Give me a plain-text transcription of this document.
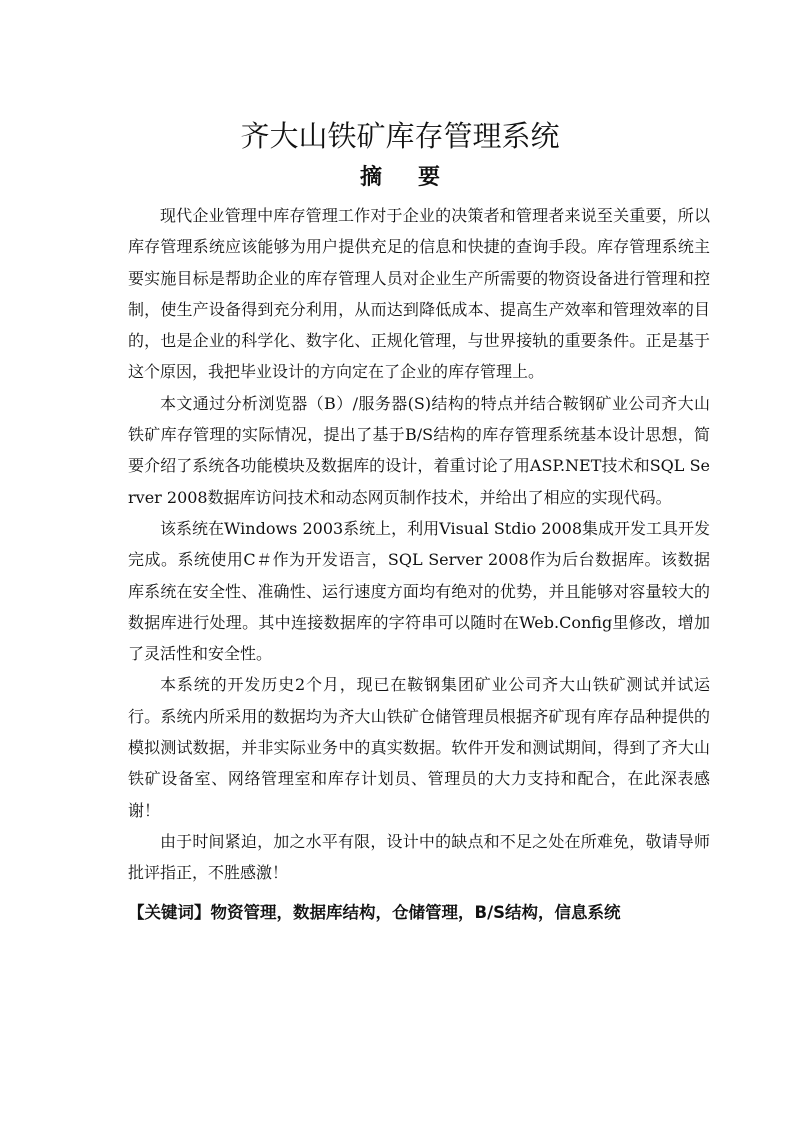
齐大山铁矿库存管理系统
摘要

现代企业管理中库存管理工作对于企业的决策者和管理者来说至关重要，所以库存管理系统应该能够为用户提供充足的信息和快捷的查询手段。库存管理系统主要实施目标是帮助企业的库存管理人员对企业生产所需要的物资设备进行管理和控制，使生产设备得到充分利用，从而达到降低成本、提高生产效率和管理效率的目的，也是企业的科学化、数字化、正规化管理，与世界接轨的重要条件。正是基于这个原因，我把毕业设计的方向定在了企业的库存管理上。

本文通过分析浏览器（B）/服务器(S)结构的特点并结合鞍钢矿业公司齐大山铁矿库存管理的实际情况，提出了基于B/S结构的库存管理系统基本设计思想，简要介绍了系统各功能模块及数据库的设计，着重讨论了用ASP.NET技术和SQL Server 2008数据库访问技术和动态网页制作技术，并给出了相应的实现代码。

该系统在Windows 2003系统上，利用Visual Stdio 2008集成开发工具开发完成。系统使用C＃作为开发语言，SQL Server 2008作为后台数据库。该数据库系统在安全性、准确性、运行速度方面均有绝对的优势，并且能够对容量较大的数据库进行处理。其中连接数据库的字符串可以随时在Web.Config里修改，增加了灵活性和安全性。

本系统的开发历史2个月，现已在鞍钢集团矿业公司齐大山铁矿测试并试运行。系统内所采用的数据均为齐大山铁矿仓储管理员根据齐矿现有库存品种提供的模拟测试数据，并非实际业务中的真实数据。软件开发和测试期间，得到了齐大山铁矿设备室、网络管理室和库存计划员、管理员的大力支持和配合，在此深表感谢！

由于时间紧迫，加之水平有限，设计中的缺点和不足之处在所难免，敬请导师批评指正，不胜感激！

【关键词】物资管理，数据库结构，仓储管理，B/S结构，信息系统
